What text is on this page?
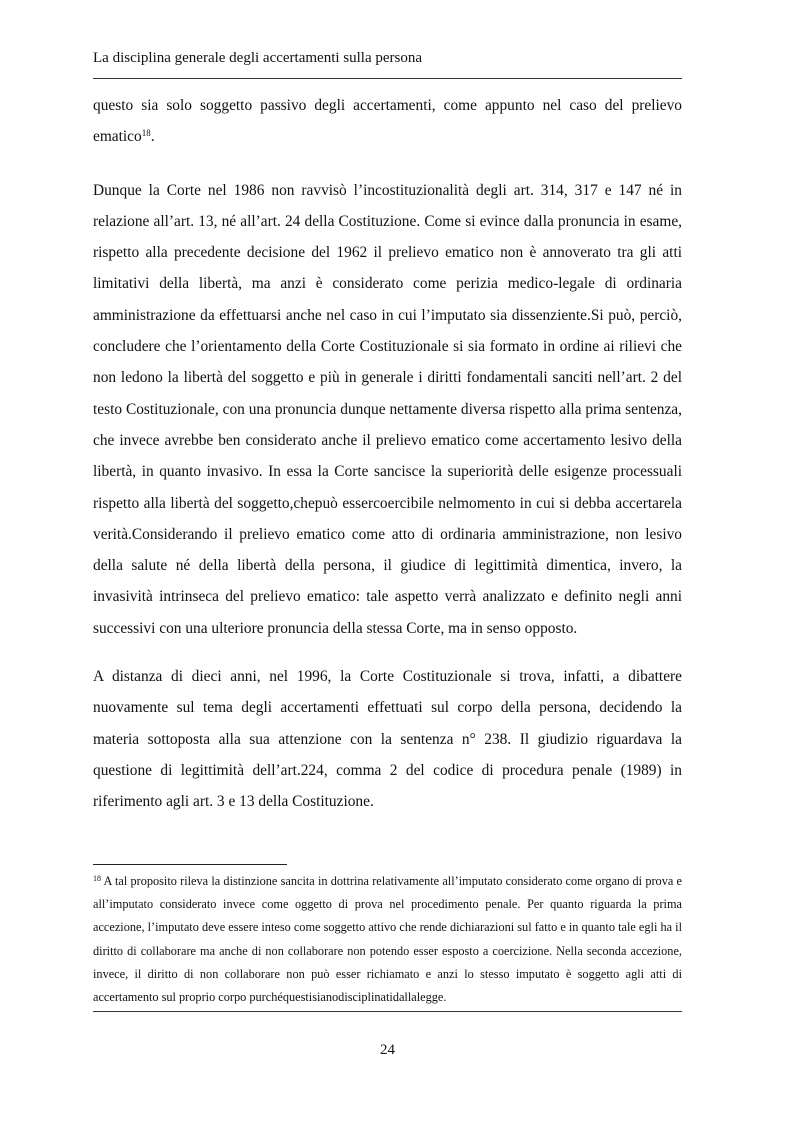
La disciplina generale degli accertamenti sulla persona

questo sia solo soggetto passivo degli accertamenti, come appunto nel caso del prelievo ematico$^{18}$.

Dunque la Corte nel 1986 non ravvisò l’incostituzionalità degli art. 314, 317 e 147 né in relazione all’art. 13, né all’art. 24 della Costituzione. Come si evince dalla pronuncia in esame, rispetto alla precedente decisione del 1962 il prelievo ematico non è annoverato tra gli atti limitativi della libertà, ma anzi è considerato come perizia medico-legale di ordinaria amministrazione da effettuarsi anche nel caso in cui l’imputato sia dissenziente.Si può, perciò, concludere che l’orientamento della Corte Costituzionale si sia formato in ordine ai rilievi che non ledono la libertà del soggetto e più in generale i diritti fondamentali sanciti nell’art. 2 del testo Costituzionale, con una pronuncia dunque nettamente diversa rispetto alla prima sentenza, che invece avrebbe ben considerato anche il prelievo ematico come accertamento lesivo della libertà, in quanto invasivo. In essa la Corte sancisce la superiorità delle esigenze processuali rispetto alla libertà del soggetto,chepuò essercoercibile nelmomento in cui si debba accertarela verità.Considerando il prelievo ematico come atto di ordinaria amministrazione, non lesivo della salute né della libertà della persona, il giudice di legittimità dimentica, invero, la invasività intrinseca del prelievo ematico: tale aspetto verrà analizzato e definito negli anni successivi con una ulteriore pronuncia della stessa Corte, ma in senso opposto.

A distanza di dieci anni, nel 1996, la Corte Costituzionale si trova, infatti, a dibattere nuovamente sul tema degli accertamenti effettuati sul corpo della persona, decidendo la materia sottoposta alla sua attenzione con la sentenza n° 238. Il giudizio riguardava la questione di legittimità dell’art.224, comma 2 del codice di procedura penale (1989) in riferimento agli art. 3 e 13 della Costituzione.

$^{18}$ A tal proposito rileva la distinzione sancita in dottrina relativamente all’imputato considerato come organo di prova e all’imputato considerato invece come oggetto di prova nel procedimento penale. Per quanto riguarda la prima accezione, l’imputato deve essere inteso come soggetto attivo che rende dichiarazioni sul fatto e in quanto tale egli ha il diritto di collaborare ma anche di non collaborare non potendo esser esposto a coercizione. Nella seconda accezione, invece, il diritto di non collaborare non può esser richiamato e anzi lo stesso imputato è soggetto agli atti di accertamento sul proprio corpo purchéquestisianodisciplinatidallalegge.
24
